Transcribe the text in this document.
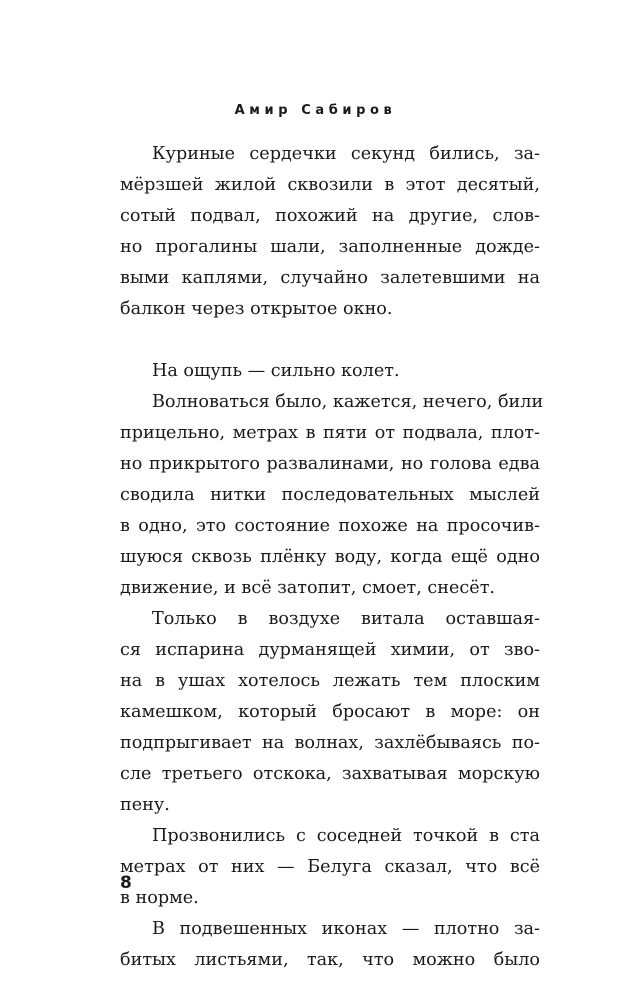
Амир Сабиров
Куриные сердечки секунд бились, за-
мёрзшей жилой сквозили в этот десятый,
сотый подвал, похожий на другие, слов-
но прогалины шали, заполненные дожде-
выми каплями, случайно залетевшими на
балкон через открытое окно.
На ощупь — сильно колет.
Волноваться было, кажется, нечего, били
прицельно, метрах в пяти от подвала, плот-
но прикрытого развалинами, но голова едва
сводила нитки последовательных мыслей
в одно, это состояние похоже на просочив-
шуюся сквозь плёнку воду, когда ещё одно
движение, и всё затопит, смоет, снесёт.
Только в воздухе витала оставшая-
ся испарина дурманящей химии, от зво-
на в ушах хотелось лежать тем плоским
камешком, который бросают в море: он
подпрыгивает на волнах, захлёбываясь по-
сле третьего отскока, захватывая морскую
пену.
Прозвонились с соседней точкой в ста
метрах от них — Белуга сказал, что всё
в норме.
В подвешенных иконах — плотно за-
битых листьями, так, что можно было
8
